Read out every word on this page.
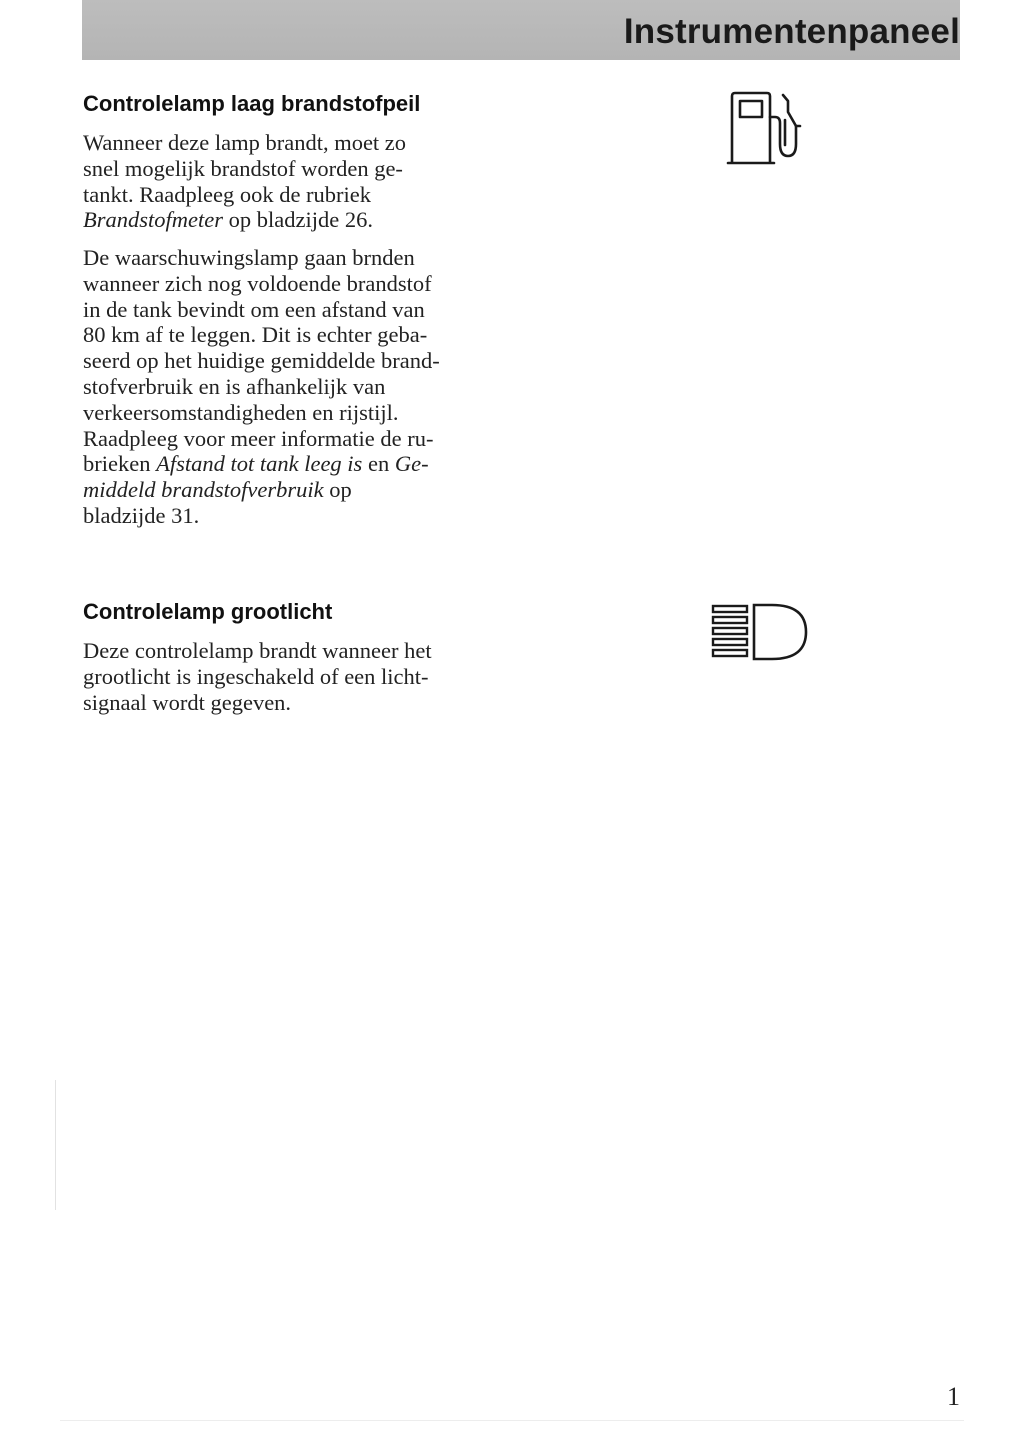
Instrumentenpaneel
Controlelamp laag brandstofpeil
Wanneer deze lamp brandt, moet zo
snel mogelijk brandstof worden ge-
tankt. Raadpleeg ook de rubriek
Brandstofmeter op bladzijde 26.
De waarschuwingslamp gaan brnden
wanneer zich nog voldoende brandstof
in de tank bevindt om een afstand van
80 km af te leggen. Dit is echter geba-
seerd op het huidige gemiddelde brand-
stofverbruik en is afhankelijk van
verkeersomstandigheden en rijstijl.
Raadpleeg voor meer informatie de ru-
brieken Afstand tot tank leeg is en Ge-
middeld brandstofverbruik op
bladzijde 31.
Controlelamp grootlicht
Deze controlelamp brandt wanneer het
grootlicht is ingeschakeld of een licht-
signaal wordt gegeven.
1
